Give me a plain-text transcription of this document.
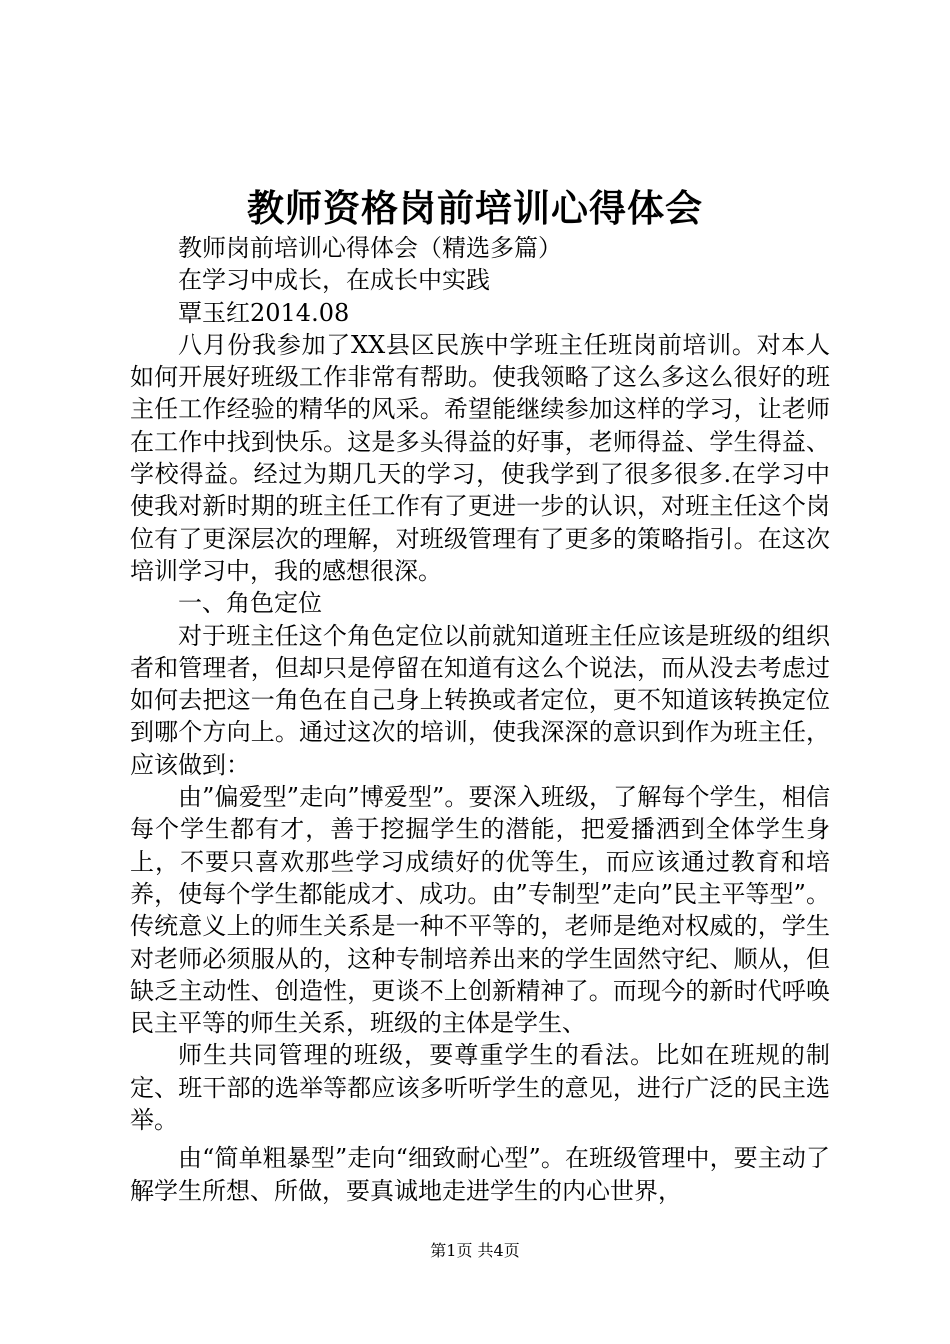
教师资格岗前培训心得体会

教师岗前培训心得体会（精选多篇）

在学习中成长，在成长中实践

覃玉红2014.08

八月份我参加了XX县区民族中学班主任班岗前培训。对本人如何开展好班级工作非常有帮助。使我领略了这么多这么很好的班主任工作经验的精华的风采。希望能继续参加这样的学习，让老师在工作中找到快乐。这是多头得益的好事，老师得益、学生得益、学校得益。经过为期几天的学习，使我学到了很多很多.在学习中使我对新时期的班主任工作有了更进一步的认识，对班主任这个岗位有了更深层次的理解，对班级管理有了更多的策略指引。在这次培训学习中，我的感想很深。

一、角色定位

对于班主任这个角色定位以前就知道班主任应该是班级的组织者和管理者，但却只是停留在知道有这么个说法，而从没去考虑过如何去把这一角色在自己身上转换或者定位，更不知道该转换定位到哪个方向上。通过这次的培训，使我深深的意识到作为班主任，应该做到：

由”偏爱型”走向”博爱型”。要深入班级，了解每个学生，相信每个学生都有才，善于挖掘学生的潜能，把爱播洒到全体学生身上，不要只喜欢那些学习成绩好的优等生，而应该通过教育和培养，使每个学生都能成才、成功。由”专制型”走向”民主平等型”。传统意义上的师生关系是一种不平等的，老师是绝对权威的，学生对老师必须服从的，这种专制培养出来的学生固然守纪、顺从，但缺乏主动性、创造性，更谈不上创新精神了。而现今的新时代呼唤民主平等的师生关系，班级的主体是学生、

师生共同管理的班级，要尊重学生的看法。比如在班规的制定、班干部的选举等都应该多听听学生的意见，进行广泛的民主选举。

由“简单粗暴型”走向“细致耐心型”。在班级管理中，要主动了解学生所想、所做，要真诚地走进学生的内心世界，

第1页 共4页
